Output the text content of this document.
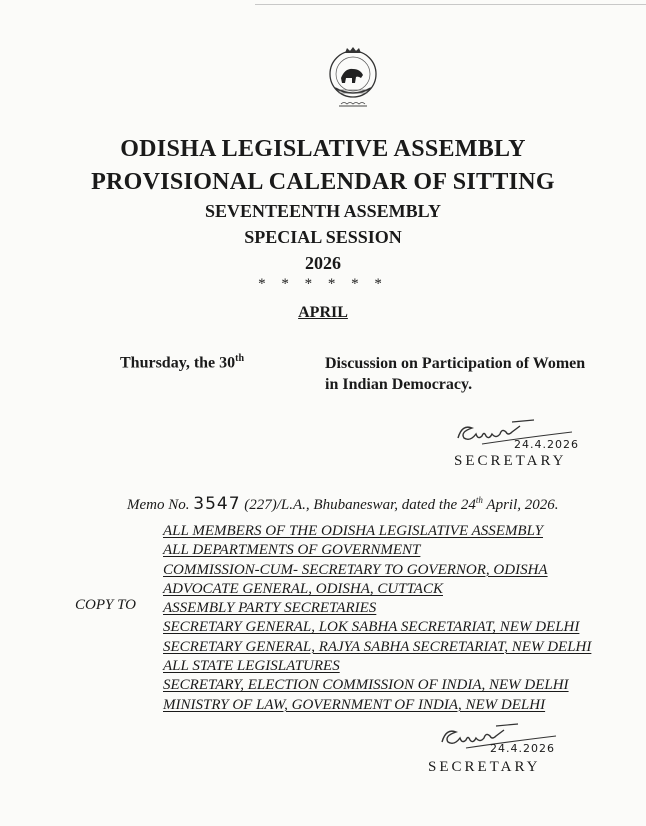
ODISHA LEGISLATIVE ASSEMBLY
PROVISIONAL CALENDAR OF SITTING
SEVENTEENTH ASSEMBLY
SPECIAL SESSION
2026
* * * * * *
APRIL
Thursday, the 30th	Discussion on Participation of Women
in Indian Democracy.
24.4.2026
SECRETARY
Memo No. 3547 (227)/L.A., Bhubaneswar, dated the 24th April, 2026.
COPY TO
ALL MEMBERS OF THE ODISHA LEGISLATIVE ASSEMBLY
ALL DEPARTMENTS OF GOVERNMENT
COMMISSION-CUM- SECRETARY TO GOVERNOR, ODISHA
ADVOCATE GENERAL, ODISHA, CUTTACK
ASSEMBLY PARTY SECRETARIES
SECRETARY GENERAL, LOK SABHA SECRETARIAT, NEW DELHI
SECRETARY GENERAL, RAJYA SABHA SECRETARIAT, NEW DELHI
ALL STATE LEGISLATURES
SECRETARY, ELECTION COMMISSION OF INDIA, NEW DELHI
MINISTRY OF LAW, GOVERNMENT OF INDIA, NEW DELHI
24.4.2026
SECRETARY
